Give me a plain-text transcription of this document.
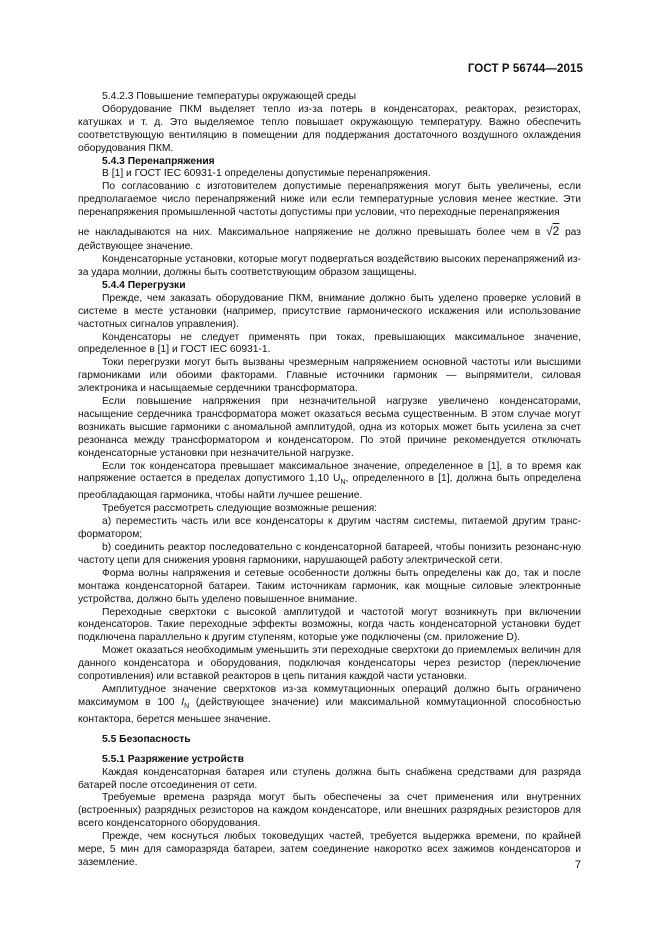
ГОСТ Р 56744—2015

5.4.2.3 Повышение температуры окружающей среды

Оборудование ПКМ выделяет тепло из-за потерь в конденсаторах, реакторах, резисторах, катушках и т. д. Это выделяемое тепло повышает окружающую температуру. Важно обеспечить соответствующую вентиляцию в помещении для поддержания достаточного воздушного охлаждения оборудования ПКМ.

5.4.3 Перенапряжения

В [1] и ГОСТ IEC 60931-1 определены допустимые перенапряжения.

По согласованию с изготовителем допустимые перенапряжения могут быть увеличены, если предполагаемое число перенапряжений ниже или если температурные условия менее жесткие. Эти перенапряжения промышленной частоты допустимы при условии, что переходные перенапряжения

не накладываются на них. Максимальное напряжение не должно превышать более чем в √2 раз действующее значение.

Конденсаторные установки, которые могут подвергаться воздействию высоких перенапряжений из-за удара молнии, должны быть соответствующим образом защищены.

5.4.4 Перегрузки

Прежде, чем заказать оборудование ПКМ, внимание должно быть уделено проверке условий в системе в месте установки (например, присутствие гармонического искажения или использование частотных сигналов управления).

Конденсаторы не следует применять при токах, превышающих максимальное значение, определенное в [1] и ГОСТ IEC 60931-1.

Токи перегрузки могут быть вызваны чрезмерным напряжением основной частоты или высшими гармониками или обоими факторами. Главные источники гармоник — выпрямители, силовая электроника и насыщаемые сердечники трансформатора.

Если повышение напряжения при незначительной нагрузке увеличено конденсаторами, насыщение сердечника трансформатора может оказаться весьма существенным. В этом случае могут возникать высшие гармоники с аномальной амплитудой, одна из которых может быть усилена за счет резонанса между трансформатором и конденсатором. По этой причине рекомендуется отключать конденсаторные установки при незначительной нагрузке.

Если ток конденсатора превышает максимальное значение, определенное в [1], в то время как напряжение остается в пределах допустимого 1,10 $U_N$, определенного в [1], должна быть определена преобладающая гармоника, чтобы найти лучшее решение.

Требуется рассмотреть следующие возможные решения:

a) переместить часть или все конденсаторы к другим частям системы, питаемой другим транс-форматором;

b) соединить реактор последовательно с конденсаторной батареей, чтобы понизить резонанс-ную частоту цепи для снижения уровня гармоники, нарушающей работу электрической сети.

Форма волны напряжения и сетевые особенности должны быть определены как до, так и после монтажа конденсаторной батареи. Таким источникам гармоник, как мощные силовые электронные устройства, должно быть уделено повышенное внимание.

Переходные сверхтоки с высокой амплитудой и частотой могут возникнуть при включении конденсаторов. Такие переходные эффекты возможны, когда часть конденсаторной установки будет подключена параллельно к другим ступеням, которые уже подключены (см. приложение D).

Может оказаться необходимым уменьшить эти переходные сверхтоки до приемлемых величин для данного конденсатора и оборудования, подключая конденсаторы через резистор (переключение сопротивления) или вставкой реакторов в цепь питания каждой части установки.

Амплитудное значение сверхтоков из-за коммутационных операций должно быть ограничено максимумом в 100 $I_N$ (действующее значение) или максимальной коммутационной способностью контактора, берется меньшее значение.

5.5 Безопасность

5.5.1 Разряжение устройств

Каждая конденсаторная батарея или ступень должна быть снабжена средствами для разряда батарей после отсоединения от сети.

Требуемые времена разряда могут быть обеспечены за счет применения или внутренних (встроенных) разрядных резисторов на каждом конденсаторе, или внешних разрядных резисторов для всего конденсаторного оборудования.

Прежде, чем коснуться любых токоведущих частей, требуется выдержка времени, по крайней мере, 5 мин для саморазряда батареи, затем соединение накоротко всех зажимов конденсаторов и заземление.	7
